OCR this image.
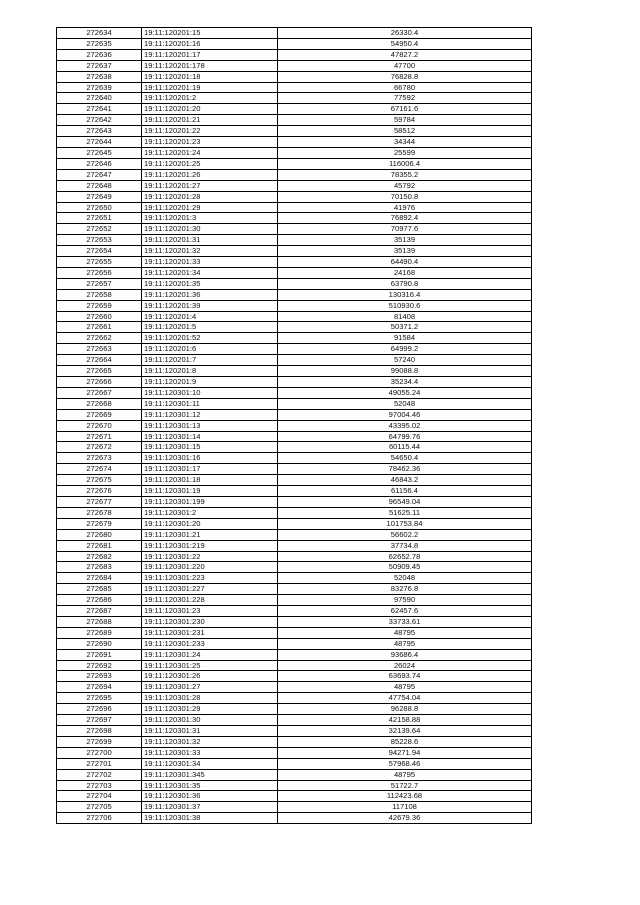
272634	19:11:120201:15	26330.4
272635	19:11:120201:16	54950.4
272636	19:11:120201:17	47827.2
272637	19:11:120201:178	47700
272638	19:11:120201:18	76828.8
272639	19:11:120201:19	66780
272640	19:11:120201:2	77592
272641	19:11:120201:20	67161.6
272642	19:11:120201:21	59784
272643	19:11:120201:22	58512
272644	19:11:120201:23	34344
272645	19:11:120201:24	25599
272646	19:11:120201:25	116006.4
272647	19:11:120201:26	78355.2
272648	19:11:120201:27	45792
272649	19:11:120201:28	70150.8
272650	19:11:120201:29	41976
272651	19:11:120201:3	76892.4
272652	19:11:120201:30	70977.6
272653	19:11:120201:31	35139
272654	19:11:120201:32	35139
272655	19:11:120201:33	64490.4
272656	19:11:120201:34	24168
272657	19:11:120201:35	63790.8
272658	19:11:120201:36	130316.4
272659	19:11:120201:39	510930.6
272660	19:11:120201:4	81408
272661	19:11:120201:5	50371.2
272662	19:11:120201:52	91584
272663	19:11:120201:6	64999.2
272664	19:11:120201:7	57240
272665	19:11:120201:8	99088.8
272666	19:11:120201:9	35234.4
272667	19:11:120301:10	49055.24
272668	19:11:120301:11	52048
272669	19:11:120301:12	97004.46
272670	19:11:120301:13	43395.02
272671	19:11:120301:14	64799.76
272672	19:11:120301:15	60115.44
272673	19:11:120301:16	54650.4
272674	19:11:120301:17	78462.36
272675	19:11:120301:18	46843.2
272676	19:11:120301:19	61156.4
272677	19:11:120301:199	96549.04
272678	19:11:120301:2	51625.11
272679	19:11:120301:20	101753.84
272680	19:11:120301:21	56602.2
272681	19:11:120301:219	37734.8
272682	19:11:120301:22	62652.78
272683	19:11:120301:220	50909.45
272684	19:11:120301:223	52048
272685	19:11:120301:227	83276.8
272686	19:11:120301:228	97590
272687	19:11:120301:23	62457.6
272688	19:11:120301:230	33733.61
272689	19:11:120301:231	48795
272690	19:11:120301:233	48795
272691	19:11:120301:24	93686.4
272692	19:11:120301:25	26024
272693	19:11:120301:26	63693.74
272694	19:11:120301:27	48795
272695	19:11:120301:28	47754.04
272696	19:11:120301:29	96288.8
272697	19:11:120301:30	42158.88
272698	19:11:120301:31	32139.64
272699	19:11:120301:32	85228.6
272700	19:11:120301:33	94271.94
272701	19:11:120301:34	57968.46
272702	19:11:120301:345	48795
272703	19:11:120301:35	51722.7
272704	19:11:120301:36	112423.68
272705	19:11:120301:37	117108
272706	19:11:120301:38	42679.36
